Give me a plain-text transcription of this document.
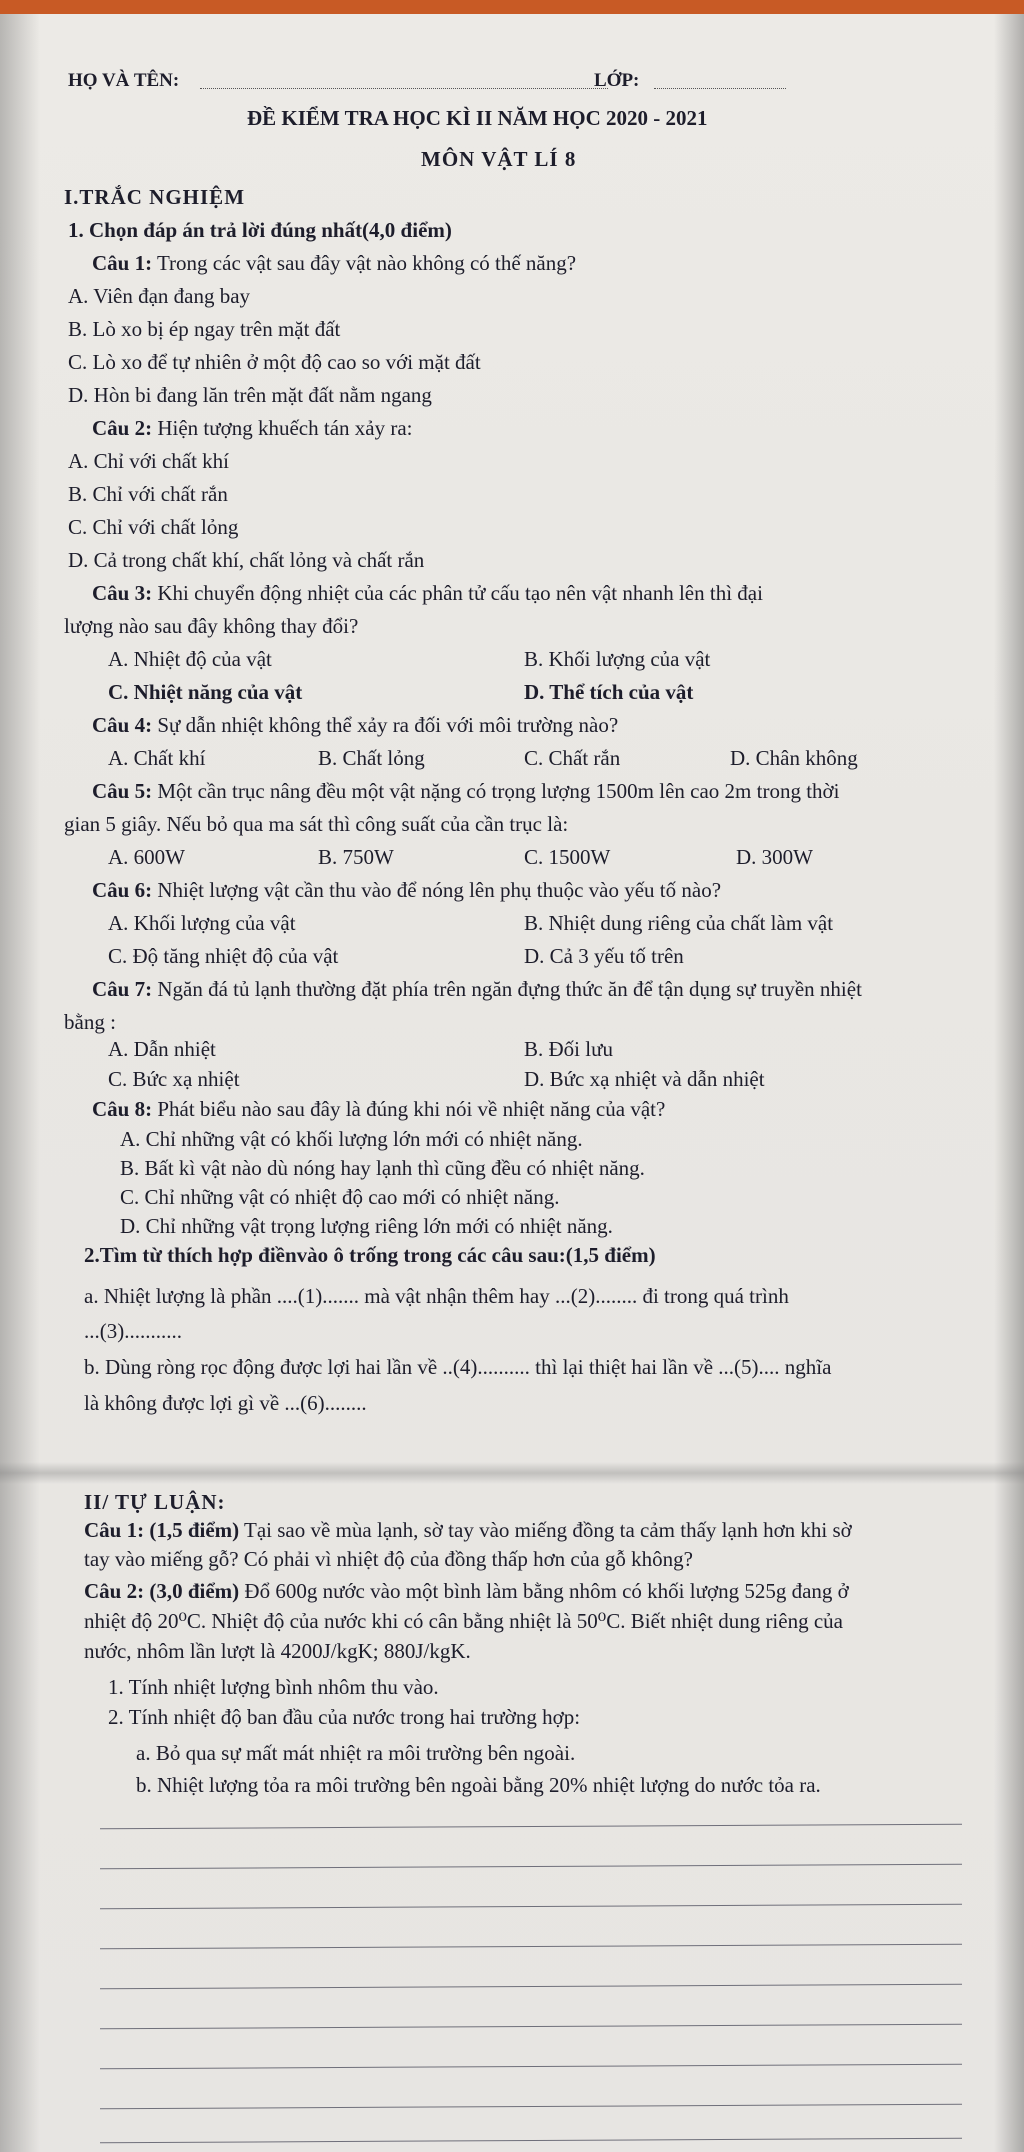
HỌ VÀ TÊN:	LỚP:
ĐỀ KIỂM TRA HỌC KÌ II NĂM HỌC 2020 - 2021
MÔN VẬT LÍ 8
I.TRẮC NGHIỆM
1. Chọn đáp án trả lời đúng nhất(4,0 điểm)
Câu 1: Trong các vật sau đây vật nào không có thế năng?
A. Viên đạn đang bay
B. Lò xo bị ép ngay trên mặt đất
C. Lò xo để tự nhiên ở một độ cao so với mặt đất
D. Hòn bi đang lăn trên mặt đất nằm ngang
Câu 2: Hiện tượng khuếch tán xảy ra:
A. Chỉ với chất khí
B. Chỉ với chất rắn
C. Chỉ với chất lỏng
D. Cả trong chất khí, chất lỏng và chất rắn
Câu 3: Khi chuyển động nhiệt của các phân tử cấu tạo nên vật nhanh lên thì đại
lượng nào sau đây không thay đổi?
A. Nhiệt độ của vật	B. Khối lượng của vật
C. Nhiệt năng của vật	D. Thể tích của vật
Câu 4: Sự dẫn nhiệt không thể xảy ra đối với môi trường nào?
A. Chất khí	B. Chất lỏng	C. Chất rắn	D. Chân không
Câu 5: Một cần trục nâng đều một vật nặng có trọng lượng 1500m lên cao 2m trong thời
gian 5 giây. Nếu bỏ qua ma sát thì công suất của cần trục là:
A. 600W	B. 750W	C. 1500W	D. 300W
Câu 6: Nhiệt lượng vật cần thu vào để nóng lên phụ thuộc vào yếu tố nào?
A. Khối lượng của vật	B. Nhiệt dung riêng của chất làm vật
C. Độ tăng nhiệt độ của vật	D. Cả 3 yếu tố trên
Câu 7: Ngăn đá tủ lạnh thường đặt phía trên ngăn đựng thức ăn để tận dụng sự truyền nhiệt
bằng :
A. Dẫn nhiệt	B. Đối lưu
C. Bức xạ nhiệt	D. Bức xạ nhiệt và dẫn nhiệt
Câu 8: Phát biểu nào sau đây là đúng khi nói về nhiệt năng của vật?
A. Chỉ những vật có khối lượng lớn mới có nhiệt năng.
B. Bất kì vật nào dù nóng hay lạnh thì cũng đều có nhiệt năng.
C. Chỉ những vật có nhiệt độ cao mới có nhiệt năng.
D. Chỉ những vật trọng lượng riêng lớn mới có nhiệt năng.
2.Tìm từ thích hợp điềnvào ô trống trong các câu sau:(1,5 điểm)
a. Nhiệt lượng là phần ....(1)....... mà vật nhận thêm hay ...(2)........ đi trong quá trình
...(3)...........
b. Dùng ròng rọc động được lợi hai lần về ..(4).......... thì lại thiệt hai lần về ...(5).... nghĩa
là không được lợi gì về ...(6)........
II/ TỰ LUẬN:
Câu 1: (1,5 điểm) Tại sao về mùa lạnh, sờ tay vào miếng đồng ta cảm thấy lạnh hơn khi sờ
tay vào miếng gỗ? Có phải vì nhiệt độ của đồng thấp hơn của gỗ không?
Câu 2: (3,0 điểm) Đổ 600g nước vào một bình làm bằng nhôm có khối lượng 525g đang ở
nhiệt độ 20⁰C. Nhiệt độ của nước khi có cân bằng nhiệt là 50⁰C. Biết nhiệt dung riêng của
nước, nhôm lần lượt là 4200J/kgK; 880J/kgK.
1. Tính nhiệt lượng bình nhôm thu vào.
2. Tính nhiệt độ ban đầu của nước trong hai trường hợp:
a. Bỏ qua sự mất mát nhiệt ra môi trường bên ngoài.
b. Nhiệt lượng tỏa ra môi trường bên ngoài bằng 20% nhiệt lượng do nước tỏa ra.
